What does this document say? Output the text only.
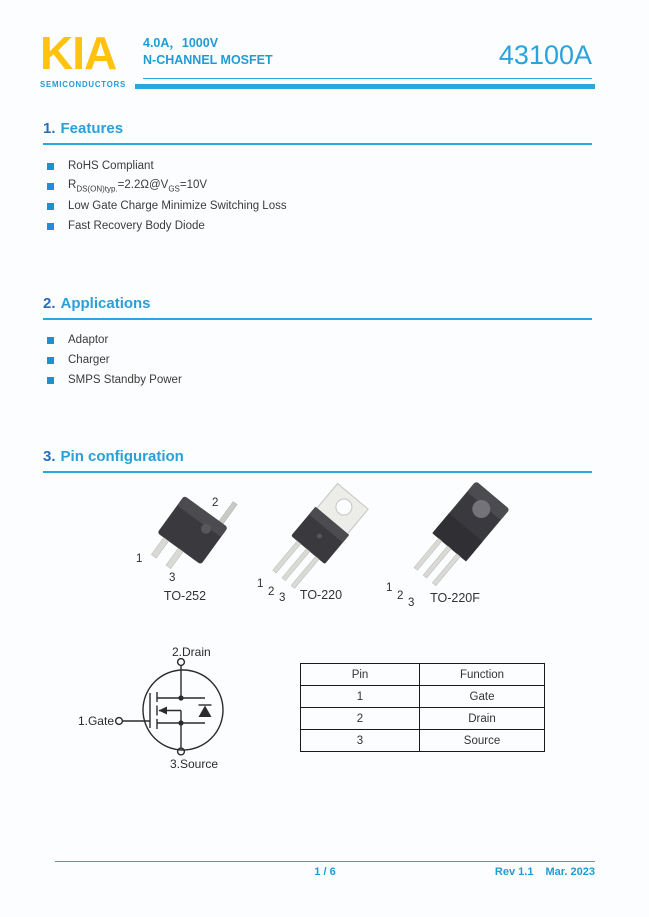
KIA
SEMICONDUCTORS
4.0A，1000V
N-CHANNEL MOSFET	43100A
1. Features
RoHS Compliant
$R_{DS(ON)typ.}=2.2\Omega@V_{GS}=10V$
Low Gate Charge Minimize Switching Loss
Fast Recovery Body Diode
2. Applications
Adaptor
Charger
SMPS Standby Power
3. Pin configuration
2
1
3	1
2 3
1
2
3
TO-252	TO-220	TO-220F
2.Drain
1.Gate
3.Source
Pin	Function
1	Gate
2	Drain
3	Source
1 / 6	Rev 1.1 Mar. 2023
